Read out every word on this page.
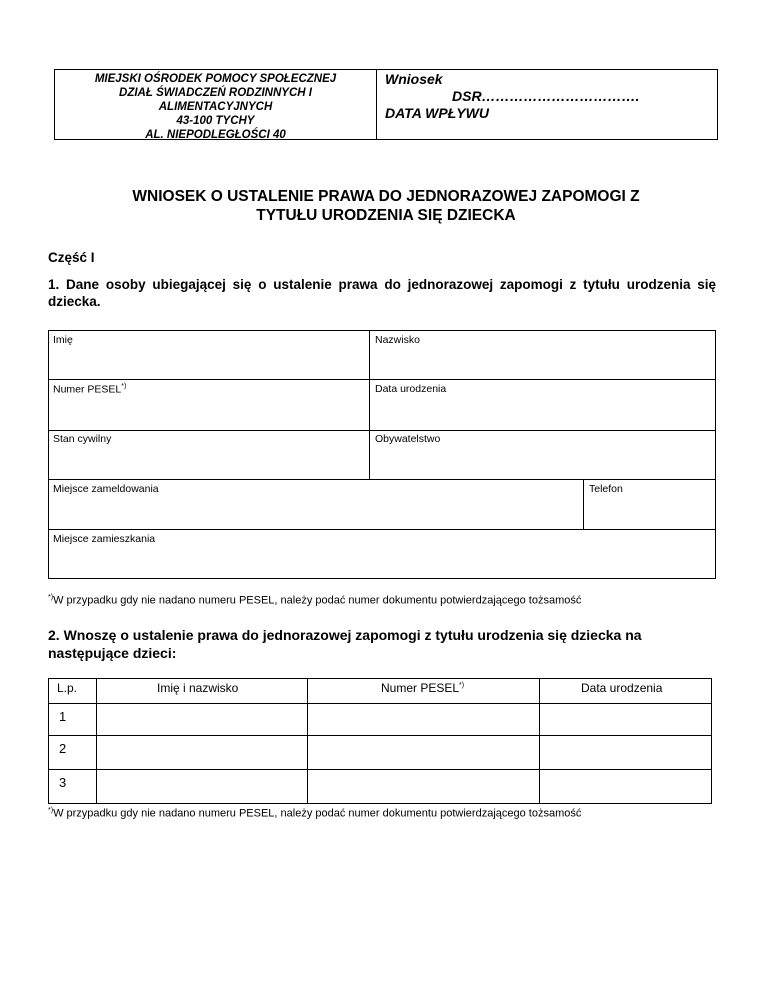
MIEJSKI OŚRODEK POMOCY SPOŁECZNEJ
DZIAŁ ŚWIADCZEŃ RODZINNYCH I
ALIMENTACYJNYCH
43-100 TYCHY
AL. NIEPODLEGŁOŚCI 40
Wniosek
DSR…………………………….
DATA WPŁYWU
WNIOSEK O USTALENIE PRAWA DO JEDNORAZOWEJ ZAPOMOGI Z
TYTUŁU URODZENIA SIĘ DZIECKA
Część I
1. Dane osoby ubiegającej się o ustalenie prawa do jednorazowej zapomogi z tytułu urodzenia się dziecka.
Imię	Nazwisko
Numer PESEL*)	Data urodzenia
Stan cywilny	Obywatelstwo
Miejsce zameldowania	Telefon
Miejsce zamieszkania
*)W przypadku gdy nie nadano numeru PESEL, należy podać numer dokumentu potwierdzającego tożsamość
2. Wnoszę o ustalenie prawa do jednorazowej zapomogi z tytułu urodzenia się dziecka na następujące dzieci:
L.p.	Imię i nazwisko	Numer PESEL*)	Data urodzenia
1
2
3
*)W przypadku gdy nie nadano numeru PESEL, należy podać numer dokumentu potwierdzającego tożsamość
